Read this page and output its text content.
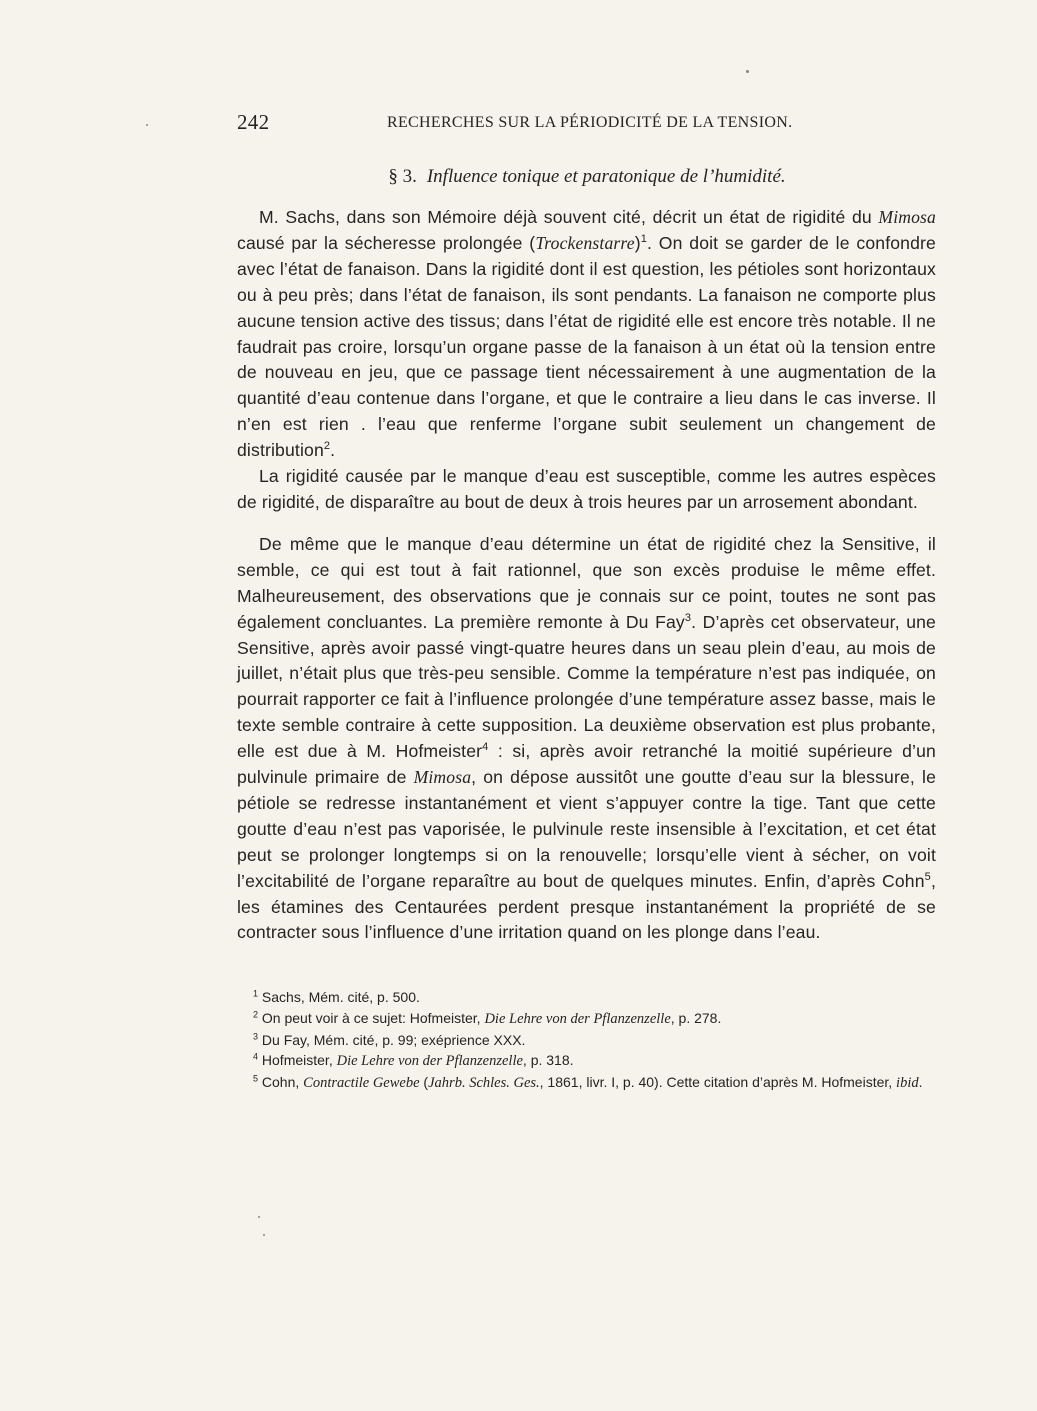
242	RECHERCHES SUR LA PÉRIODICITÉ DE LA TENSION.
§ 3. Influence tonique et paratonique de l’humidité.

M. Sachs, dans son Mémoire déjà souvent cité, décrit un état de rigidité du Mimosa causé par la sécheresse prolongée (Trockenstarre)$^1$. On doit se garder de le confondre avec l’état de fanaison. Dans la rigidité dont il est question, les pétioles sont horizontaux ou à peu près; dans l’état de fanaison, ils sont pendants. La fanaison ne comporte plus aucune tension active des tissus; dans l’état de rigidité elle est encore très notable. Il ne faudrait pas croire, lorsqu’un organe passe de la fanaison à un état où la tension entre de nouveau en jeu, que ce passage tient nécessairement à une augmentation de la quantité d’eau contenue dans l’organe, et que le contraire a lieu dans le cas inverse. Il n’en est rien . l’eau que renferme l’organe subit seulement un changement de distribution$^2$.

La rigidité causée par le manque d’eau est susceptible, comme les autres espèces de rigidité, de disparaître au bout de deux à trois heures par un arrosement abondant.

De même que le manque d’eau détermine un état de rigidité chez la Sensitive, il semble, ce qui est tout à fait rationnel, que son excès produise le même effet. Malheureusement, des observations que je connais sur ce point, toutes ne sont pas également concluantes. La première remonte à Du Fay$^3$. D’après cet observateur, une Sensitive, après avoir passé vingt-quatre heures dans un seau plein d’eau, au mois de juillet, n’était plus que très-peu sensible. Comme la température n’est pas indiquée, on pourrait rapporter ce fait à l’influence prolongée d’une température assez basse, mais le texte semble contraire à cette supposition. La deuxième observation est plus probante, elle est due à M. Hofmeister$^4$ : si, après avoir retranché la moitié supérieure d’un pulvinule primaire de Mimosa, on dépose aussitôt une goutte d’eau sur la blessure, le pétiole se redresse instantanément et vient s’appuyer contre la tige. Tant que cette goutte d’eau n’est pas vaporisée, le pulvinule reste insensible à l’excitation, et cet état peut se prolonger longtemps si on la renouvelle; lorsqu’elle vient à sécher, on voit l’excitabilité de l’organe reparaître au bout de quelques minutes. Enfin, d’après Cohn$^5$, les étamines des Centaurées perdent presque instantanément la propriété de se contracter sous l’influence d’une irritation quand on les plonge dans l’eau.

$^1$ Sachs, Mém. cité, p. 500.

$^2$ On peut voir à ce sujet: Hofmeister, Die Lehre von der Pflanzenzelle, p. 278.

$^3$ Du Fay, Mém. cité, p. 99; exéprience XXX.

$^4$ Hofmeister, Die Lehre von der Pflanzenzelle, p. 318.

$^5$ Cohn, Contractile Gewebe (Jahrb. Schles. Ges., 1861, livr. I, p. 40). Cette citation d’après M. Hofmeister, ibid.
